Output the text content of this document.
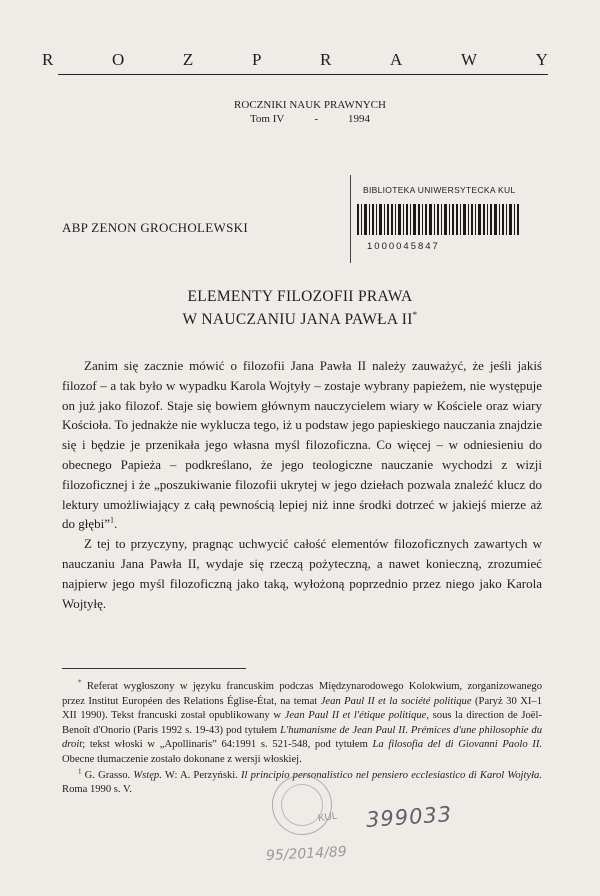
R	O	Z	P	R	A	W	Y
ROCZNIKI NAUK PRAWNYCH
Tom IV	-	1994
BIBLIOTEKA UNIWERSYTECKA KUL
1000045847
ABP ZENON GROCHOLEWSKI
ELEMENTY FILOZOFII PRAWA
W NAUCZANIU JANA PAWŁA II*

Zanim się zacznie mówić o filozofii Jana Pawła II należy zauważyć, że jeśli jakiś filozof – a tak było w wypadku Karola Wojtyły – zostaje wybrany papieżem, nie występuje on już jako filozof. Staje się bowiem głównym nauczycielem wiary w Kościele oraz wiary Kościoła. To jednakże nie wyklucza tego, iż u podstaw jego papieskiego nauczania znajdzie się i będzie je przenikała jego własna myśl filozoficzna. Co więcej – w odniesieniu do obecnego Papieża – podkreślano, że jego teologiczne nauczanie wychodzi z wizji filozoficznej i że „poszukiwanie filozofii ukrytej w jego dziełach pozwala znaleźć klucz do lektury umożliwiający z całą pewnością lepiej niż inne środki dotrzeć w jakiejś mierze aż do głębi”$^1$.

Z tej to przyczyny, pragnąc uchwycić całość elementów filozoficznych zawartych w nauczaniu Jana Pawła II, wydaje się rzeczą pożyteczną, a nawet konieczną, zrozumieć najpierw jego myśl filozoficzną jako taką, wyłożoną poprzednio przez niego jako Karola Wojtyłę.

* Referat wygłoszony w języku francuskim podczas Międzynarodowego Kolokwium, zorganizowanego przez Institut Européen des Relations Église-État, na temat Jean Paul II et la société politique (Paryż 30 XI–1 XII 1990). Tekst francuski został opublikowany w Jean Paul II et l'étique politique, sous la direction de Joël-Benoît d'Onorio (Paris 1992 s. 19-43) pod tytułem L'humanisme de Jean Paul II. Prémices d'une philosophie du droit; tekst włoski w „Apollinaris” 64:1991 s. 521-548, pod tytułem La filosofia del di Giovanni Paolo II. Obecne tłumaczenie zostało dokonane z wersji włoskiej.

$^1$ G. Grasso. Wstęp. W: A. Perzyński. Il principio personalistico nel pensiero ecclesiastico di Karol Wojtyła. Roma 1990 s. V.

KUL 399033
95/2014/89
